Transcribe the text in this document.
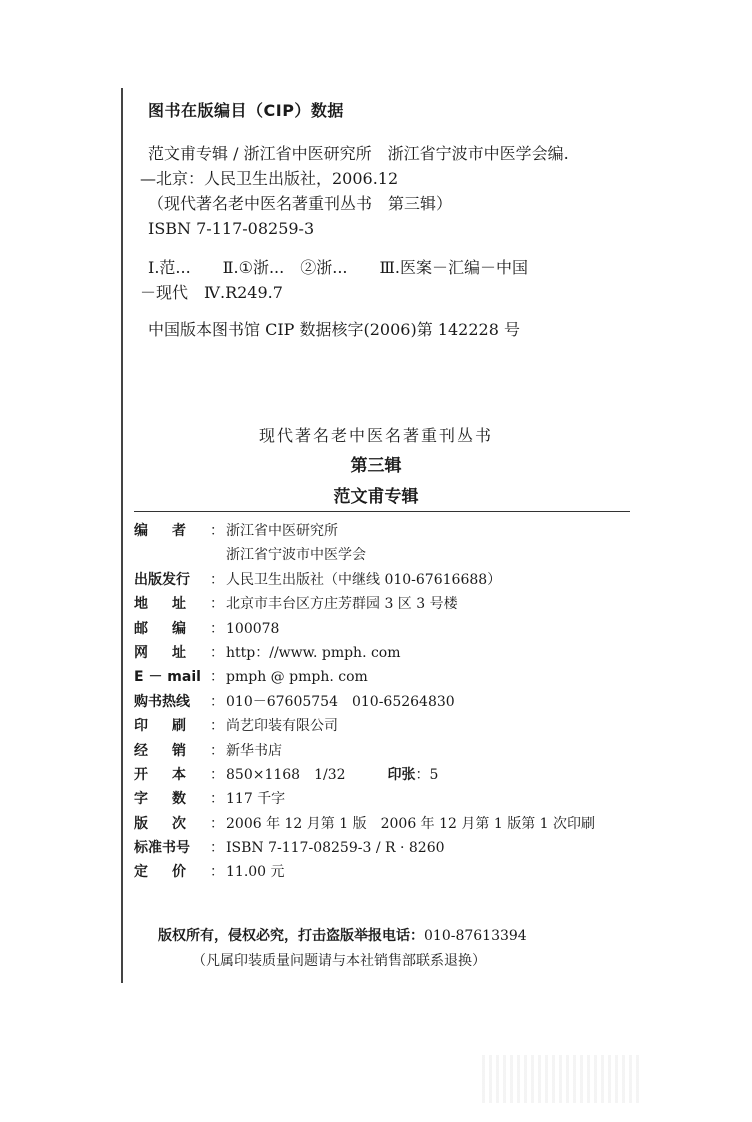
图书在版编目（CIP）数据
范文甫专辑 / 浙江省中医研究所　浙江省宁波市中医学会编.
—北京：人民卫生出版社，2006.12
（现代著名老中医名著重刊丛书　第三辑）
ISBN 7-117-08259-3
Ⅰ.范...　　Ⅱ.①浙...　②浙...　　Ⅲ.医案－汇编－中国
－现代　Ⅳ.R249.7
中国版本图书馆 CIP 数据核字(2006)第 142228 号
现代著名老中医名著重刊丛书
第三辑
范文甫专辑
编 者 ： 浙江省中医研究所
浙江省宁波市中医学会
出版发行 ： 人民卫生出版社（中继线 010-67616688）
地 址 ： 北京市丰台区方庄芳群园 3 区 3 号楼
邮 编 ： 100078
网 址 ： http：//www. pmph. com
E － mail ： pmph @ pmph. com
购书热线 ： 010－67605754　010-65264830
印 刷 ： 尚艺印装有限公司
经 销 ： 新华书店
开 本 ： 850×1168　1/32	印张：5
字 数 ： 117 千字
版 次 ： 2006 年 12 月第 1 版　2006 年 12 月第 1 版第 1 次印刷
标准书号 ： ISBN 7-117-08259-3 / R · 8260
定 价 ： 11.00 元
版权所有，侵权必究，打击盗版举报电话：010-87613394
（凡属印装质量问题请与本社销售部联系退换）
